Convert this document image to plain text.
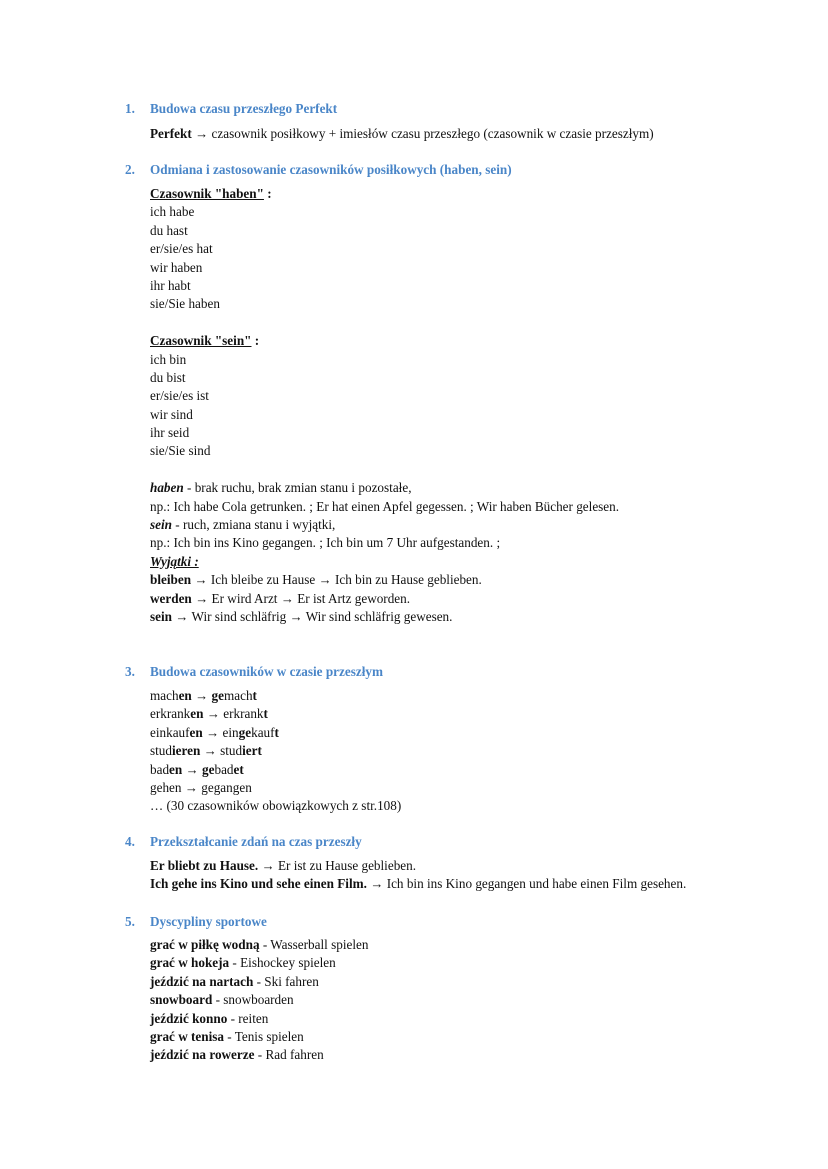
1. Budowa czasu przeszłego Perfekt
Perfekt → czasownik posiłkowy + imiesłów czasu przeszłego (czasownik w czasie przeszłym)
2. Odmiana i zastosowanie czasowników posiłkowych (haben, sein)
Czasownik "haben" :
ich habe
du hast
er/sie/es hat
wir haben
ihr habt
sie/Sie haben
Czasownik "sein" :
ich bin
du bist
er/sie/es ist
wir sind
ihr seid
sie/Sie sind
haben - brak ruchu, brak zmian stanu i pozostałe,
np.: Ich habe Cola getrunken. ; Er hat einen Apfel gegessen. ; Wir haben Bücher gelesen.
sein - ruch, zmiana stanu i wyjątki,
np.: Ich bin ins Kino gegangen. ; Ich bin um 7 Uhr aufgestanden. ;
Wyjątki :
bleiben → Ich bleibe zu Hause → Ich bin zu Hause geblieben.
werden → Er wird Arzt → Er ist Artz geworden.
sein → Wir sind schläfrig → Wir sind schläfrig gewesen.
3. Budowa czasowników w czasie przeszłym
machen → gemacht
erkranken → erkrankt
einkaufen → eingekauft
studieren → studiert
baden → gebadet
gehen → gegangen
… (30 czasowników obowiązkowych z str.108)
4. Przekształcanie zdań na czas przeszły
Er bliebt zu Hause. → Er ist zu Hause geblieben.
Ich gehe ins Kino und sehe einen Film. → Ich bin ins Kino gegangen und habe einen Film gesehen.
5. Dyscypliny sportowe
grać w piłkę wodną - Wasserball spielen
grać w hokeja - Eishockey spielen
jeździć na nartach - Ski fahren
snowboard - snowboarden
jeździć konno - reiten
grać w tenisa - Tenis spielen
jeździć na rowerze - Rad fahren
